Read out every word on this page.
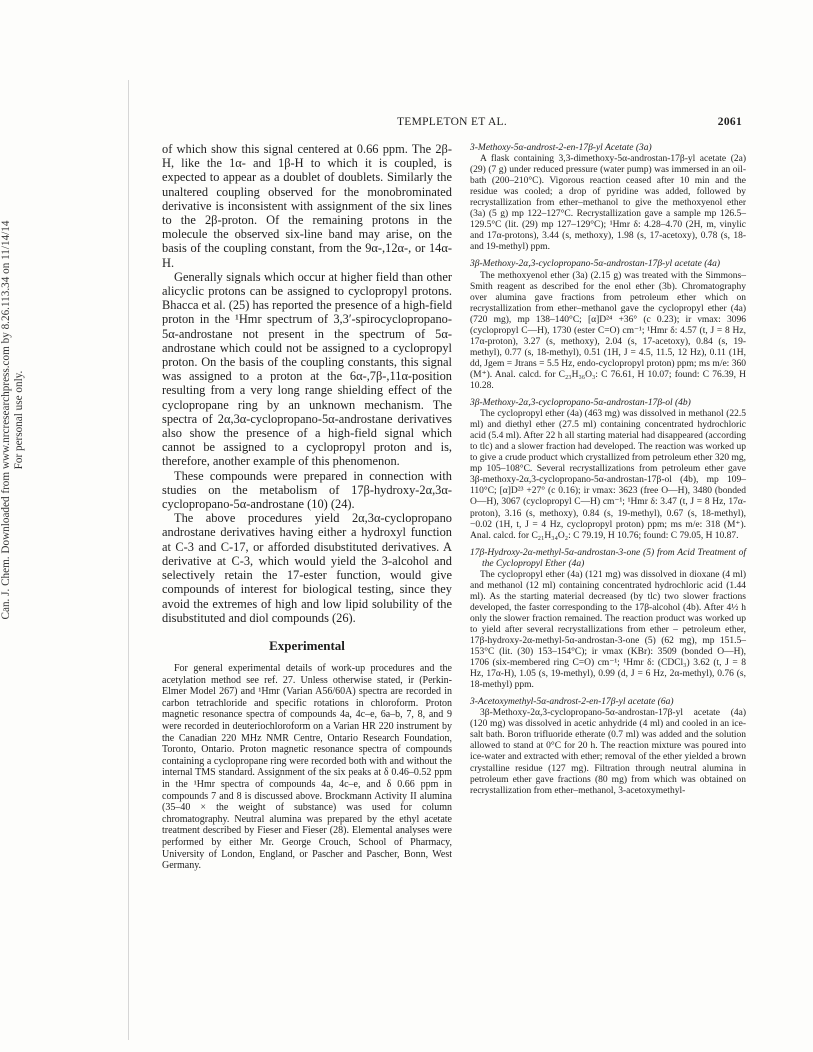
Can. J. Chem. Downloaded from www.nrcresearchpress.com by 8.26.113.34 on 11/14/14 For personal use only.
TEMPLETON ET AL.	2061

of which show this signal centered at 0.66 ppm. The 2β-H, like the 1α- and 1β-H to which it is coupled, is expected to appear as a doublet of doublets. Similarly the unaltered coupling observed for the monobrominated derivative is inconsistent with assignment of the six lines to the 2β-proton. Of the remaining protons in the molecule the observed six-line band may arise, on the basis of the coupling constant, from the 9α-,12α-, or 14α-H.

Generally signals which occur at higher field than other alicyclic protons can be assigned to cyclopropyl protons. Bhacca et al. (25) has reported the presence of a high-field proton in the ¹Hmr spectrum of 3,3′-spirocyclopropano-5α-androstane not present in the spectrum of 5α-androstane which could not be assigned to a cyclopropyl proton. On the basis of the coupling constants, this signal was assigned to a proton at the 6α-,7β-,11α-position resulting from a very long range shielding effect of the cyclopropane ring by an unknown mechanism. The spectra of 2α,3α-cyclopropano-5α-androstane derivatives also show the presence of a high-field signal which cannot be assigned to a cyclopropyl proton and is, therefore, another example of this phenomenon.

These compounds were prepared in connection with studies on the metabolism of 17β-hydroxy-2α,3α-cyclopropano-5α-androstane (10) (24).

The above procedures yield 2α,3α-cyclopropano androstane derivatives having either a hydroxyl function at C-3 and C-17, or afforded disubstituted derivatives. A derivative at C-3, which would yield the 3-alcohol and selectively retain the 17-ester function, would give compounds of interest for biological testing, since they avoid the extremes of high and low lipid solubility of the disubstituted and diol compounds (26).

Experimental

For general experimental details of work-up procedures and the acetylation method see ref. 27. Unless otherwise stated, ir (Perkin-Elmer Model 267) and ¹Hmr (Varian A56/60A) spectra are recorded in carbon tetrachloride and specific rotations in chloroform. Proton magnetic resonance spectra of compounds 4a, 4c–e, 6a–b, 7, 8, and 9 were recorded in deuteriochloroform on a Varian HR 220 instrument by the Canadian 220 MHz NMR Centre, Ontario Research Foundation, Toronto, Ontario. Proton magnetic resonance spectra of compounds containing a cyclopropane ring were recorded both with and without the internal TMS standard. Assignment of the six peaks at δ 0.46–0.52 ppm in the ¹Hmr spectra of compounds 4a, 4c–e, and δ 0.66 ppm in compounds 7 and 8 is discussed above. Brockmann Activity II alumina (35–40 × the weight of substance) was used for column chromatography. Neutral alumina was prepared by the ethyl acetate treatment described by Fieser and Fieser (28). Elemental analyses were performed by either Mr. George Crouch, School of Pharmacy, University of London, England, or Pascher and Pascher, Bonn, West Germany.

3-Methoxy-5α-androst-2-en-17β-yl Acetate (3a)

A flask containing 3,3-dimethoxy-5α-androstan-17β-yl acetate (2a) (29) (7 g) under reduced pressure (water pump) was immersed in an oil-bath (200–210°C). Vigorous reaction ceased after 10 min and the residue was cooled; a drop of pyridine was added, followed by recrystallization from ether–methanol to give the methoxyenol ether (3a) (5 g) mp 122–127°C. Recrystallization gave a sample mp 126.5–129.5°C (lit. (29) mp 127–129°C); ¹Hmr δ: 4.28–4.70 (2H, m, vinylic and 17α-protons), 3.44 (s, methoxy), 1.98 (s, 17-acetoxy), 0.78 (s, 18- and 19-methyl) ppm.

3β-Methoxy-2α,3-cyclopropano-5α-androstan-17β-yl acetate (4a)

The methoxyenol ether (3a) (2.15 g) was treated with the Simmons–Smith reagent as described for the enol ether (3b). Chromatography over alumina gave fractions from petroleum ether which on recrystallization from ether–methanol gave the cyclopropyl ether (4a) (720 mg), mp 138–140°C; [α]D²⁴ +36° (c 0.23); ir νmax: 3096 (cyclopropyl C—H), 1730 (ester C=O) cm⁻¹; ¹Hmr δ: 4.57 (t, J = 8 Hz, 17α-proton), 3.27 (s, methoxy), 2.04 (s, 17-acetoxy), 0.84 (s, 19-methyl), 0.77 (s, 18-methyl), 0.51 (1H, J = 4.5, 11.5, 12 Hz), 0.11 (1H, dd, Jgem = Jtrans = 5.5 Hz, endo-cyclopropyl proton) ppm; ms m/e: 360 (M⁺). Anal. calcd. for C₂₃H₃₆O₃: C 76.61, H 10.07; found: C 76.39, H 10.28.

3β-Methoxy-2α,3-cyclopropano-5α-androstan-17β-ol (4b)

The cyclopropyl ether (4a) (463 mg) was dissolved in methanol (22.5 ml) and diethyl ether (27.5 ml) containing concentrated hydrochloric acid (5.4 ml). After 22 h all starting material had disappeared (according to tlc) and a slower fraction had developed. The reaction was worked up to give a crude product which crystallized from petroleum ether 320 mg, mp 105–108°C. Several recrystallizations from petroleum ether gave 3β-methoxy-2α,3-cyclopropano-5α-androstan-17β-ol (4b), mp 109–110°C; [α]D²³ +27° (c 0.16); ir νmax: 3623 (free O—H), 3480 (bonded O—H), 3067 (cyclopropyl C—H) cm⁻¹; ¹Hmr δ: 3.47 (t, J = 8 Hz, 17α-proton), 3.16 (s, methoxy), 0.84 (s, 19-methyl), 0.67 (s, 18-methyl), −0.02 (1H, t, J = 4 Hz, cyclopropyl proton) ppm; ms m/e: 318 (M⁺). Anal. calcd. for C₂₁H₃₄O₂: C 79.19, H 10.76; found: C 79.05, H 10.87.

17β-Hydroxy-2α-methyl-5α-androstan-3-one (5) from Acid Treatment of the Cyclopropyl Ether (4a)

The cyclopropyl ether (4a) (121 mg) was dissolved in dioxane (4 ml) and methanol (12 ml) containing concentrated hydrochloric acid (1.44 ml). As the starting material decreased (by tlc) two slower fractions developed, the faster corresponding to the 17β-alcohol (4b). After 4½ h only the slower fraction remained. The reaction product was worked up to yield after several recrystallizations from ether – petroleum ether, 17β-hydroxy-2α-methyl-5α-androstan-3-one (5) (62 mg), mp 151.5–153°C (lit. (30) 153–154°C); ir νmax (KBr): 3509 (bonded O—H), 1706 (six-membered ring C=O) cm⁻¹; ¹Hmr δ: (CDCl₃) 3.62 (t, J = 8 Hz, 17α-H), 1.05 (s, 19-methyl), 0.99 (d, J = 6 Hz, 2α-methyl), 0.76 (s, 18-methyl) ppm.

3-Acetoxymethyl-5α-androst-2-en-17β-yl acetate (6a)

3β-Methoxy-2α,3-cyclopropano-5α-androstan-17β-yl acetate (4a) (120 mg) was dissolved in acetic anhydride (4 ml) and cooled in an ice-salt bath. Boron trifluoride etherate (0.7 ml) was added and the solution allowed to stand at 0°C for 20 h. The reaction mixture was poured into ice-water and extracted with ether; removal of the ether yielded a brown crystalline residue (127 mg). Filtration through neutral alumina in petroleum ether gave fractions (80 mg) from which was obtained on recrystallization from ether–methanol, 3-acetoxymethyl-
